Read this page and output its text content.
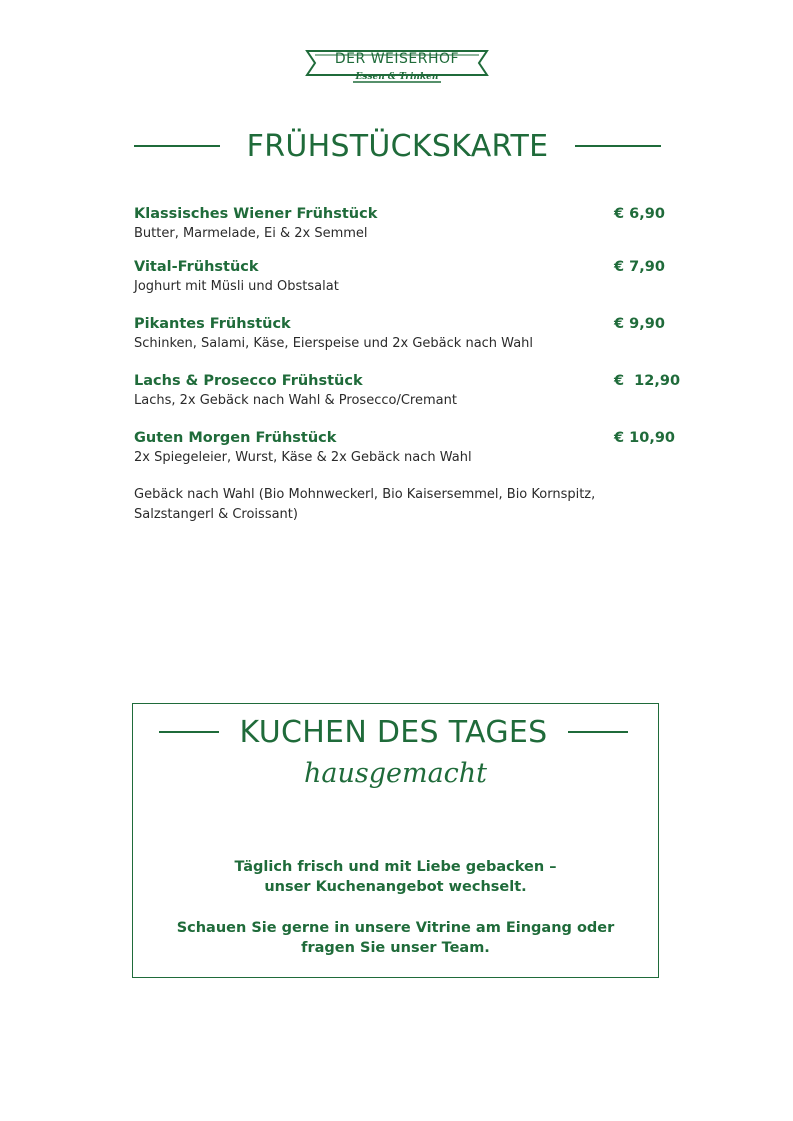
DER WEISERHOF
Essen & Trinken
FRÜHSTÜCKSKARTE
Klassisches Wiener Frühstück	€ 6,90
Butter, Marmelade, Ei & 2x Semmel
Vital-Frühstück	€ 7,90
Joghurt mit Müsli und Obstsalat
Pikantes Frühstück	€ 9,90
Schinken, Salami, Käse, Eierspeise und 2x Gebäck nach Wahl
Lachs & Prosecco Frühstück	€  12,90
Lachs, 2x Gebäck nach Wahl & Prosecco/Cremant
Guten Morgen Frühstück	€ 10,90
2x Spiegeleier, Wurst, Käse & 2x Gebäck nach Wahl
Gebäck nach Wahl (Bio Mohnweckerl, Bio Kaisersemmel, Bio Kornspitz, Salzstangerl & Croissant)
KUCHEN DES TAGES
hausgemacht
Täglich frisch und mit Liebe gebacken –
unser Kuchenangebot wechselt.
Schauen Sie gerne in unsere Vitrine am Eingang oder
fragen Sie unser Team.
